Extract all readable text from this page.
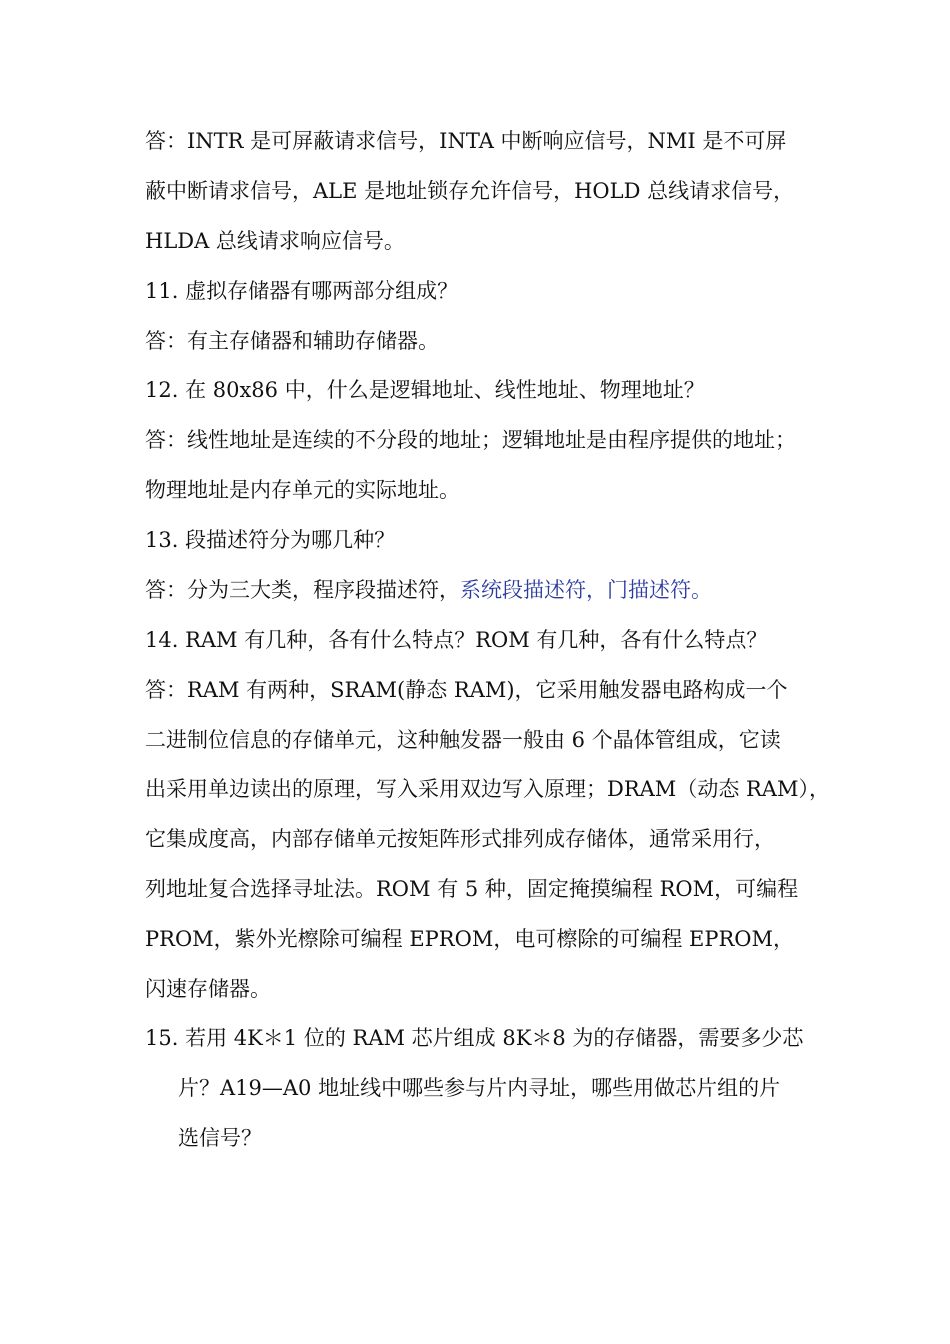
答：INTR 是可屏蔽请求信号，INTA 中断响应信号，NMI 是不可屏
蔽中断请求信号，ALE 是地址锁存允许信号，HOLD 总线请求信号，
HLDA 总线请求响应信号。
11. 虚拟存储器有哪两部分组成？
答：有主存储器和辅助存储器。
12. 在 80x86 中，什么是逻辑地址、线性地址、物理地址？
答：线性地址是连续的不分段的地址；逻辑地址是由程序提供的地址；
物理地址是内存单元的实际地址。
13. 段描述符分为哪几种？
答：分为三大类，程序段描述符，系统段描述符，门描述符。
14. RAM 有几种，各有什么特点？ROM 有几种，各有什么特点？
答：RAM 有两种，SRAM(静态 RAM)，它采用触发器电路构成一个
二进制位信息的存储单元，这种触发器一般由 6 个晶体管组成，它读
出采用单边读出的原理，写入采用双边写入原理；DRAM（动态 RAM），
它集成度高，内部存储单元按矩阵形式排列成存储体，通常采用行，
列地址复合选择寻址法。ROM 有 5 种，固定掩摸编程 ROM，可编程
PROM，紫外光檫除可编程 EPROM，电可檫除的可编程 EPROM，
闪速存储器。
15. 若用 4K＊1 位的 RAM 芯片组成 8K＊8 为的存储器，需要多少芯
片？A19—A0 地址线中哪些参与片内寻址，哪些用做芯片组的片
选信号？
